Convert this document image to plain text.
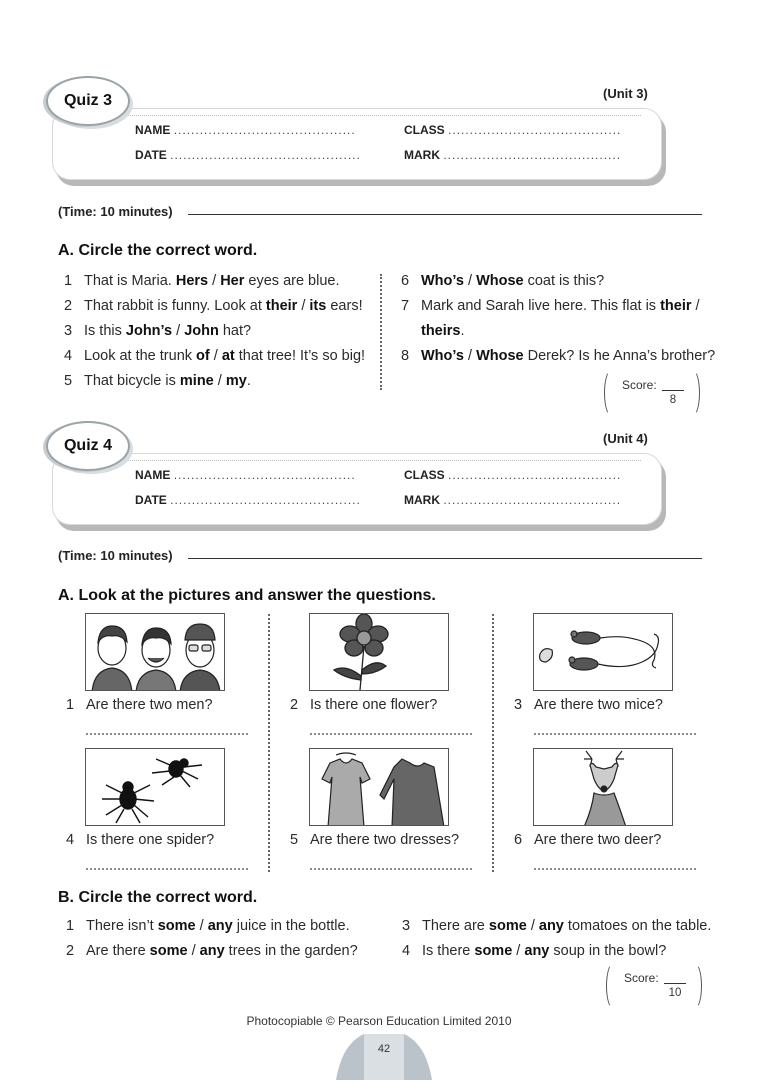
Quiz 3	(Unit 3)
NAME ..........................................	CLASS ........................................
DATE ............................................	MARK .........................................
(Time: 10 minutes)
A. Circle the correct word.
1 That is Maria. Hers / Her eyes are blue.
2 That rabbit is funny. Look at their / its ears!
3 Is this John’s / John hat?
4 Look at the trunk of / at that tree! It’s so big!
5 That bicycle is mine / my.
6 Who’s / Whose coat is this?
7 Mark and Sarah live here. This flat is their /
theirs.
8 Who’s / Whose Derek? Is he Anna’s brother?
Score:
8
Quiz 4	(Unit 4)
NAME ..........................................	CLASS ........................................
DATE ............................................	MARK .........................................
(Time: 10 minutes)
A. Look at the pictures and answer the questions.
1 Are there two men?	2 Is there one flower?	3 Are there two mice?
4 Is there one spider?	5 Are there two dresses?	6 Are there two deer?
B. Circle the correct word.
1 There isn’t some / any juice in the bottle.
2 Are there some / any trees in the garden?
3 There are some / any tomatoes on the table.
4 Is there some / any soup in the bowl?
Score:
10
Photocopiable © Pearson Education Limited 2010
42
